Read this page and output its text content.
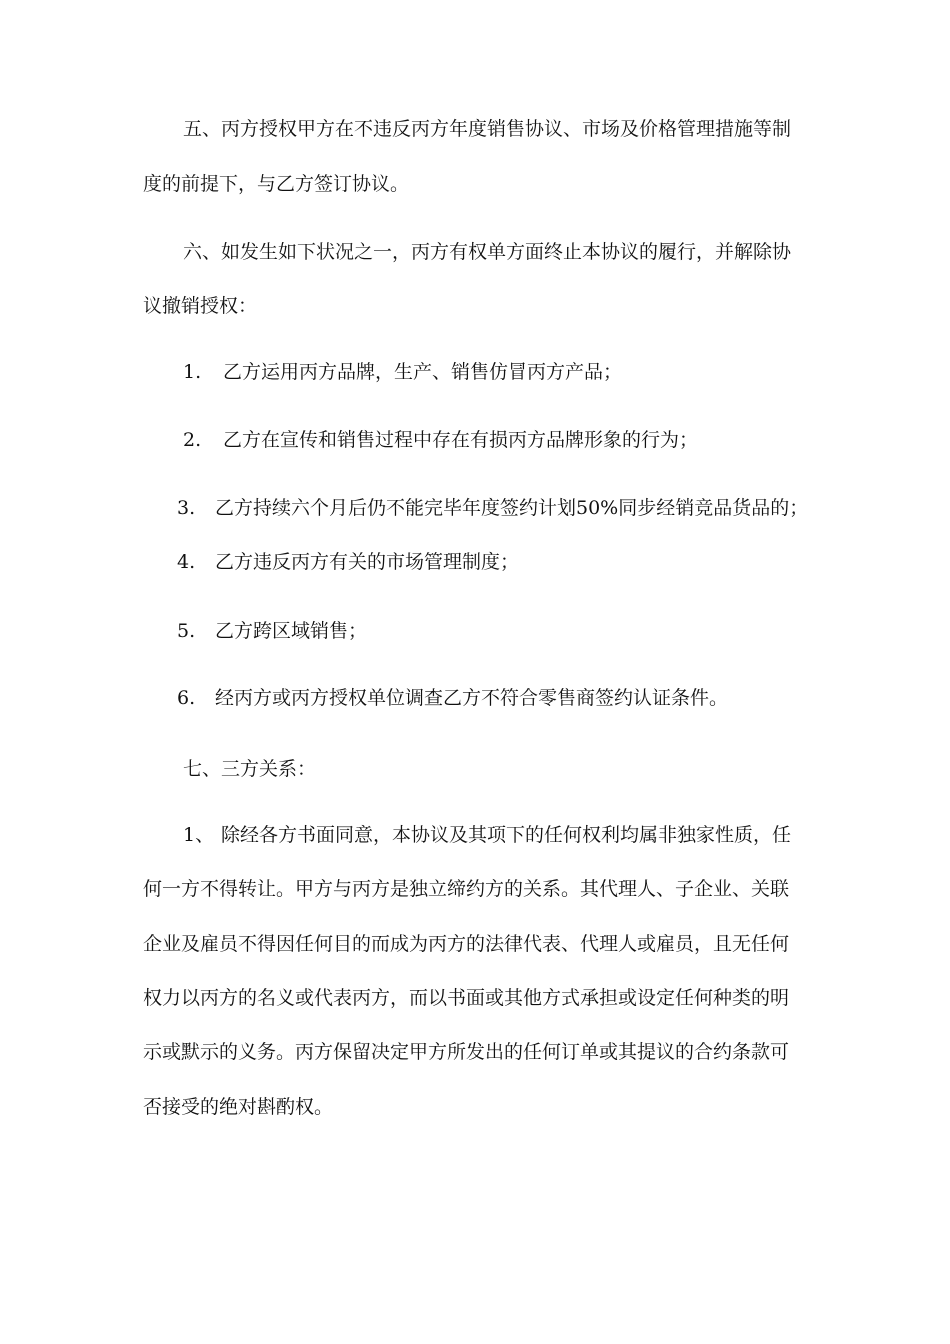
五、丙方授权甲方在不违反丙方年度销售协议、市场及价格管理措施等制
度的前提下，与乙方签订协议。
六、如发生如下状况之一，丙方有权单方面终止本协议的履行，并解除协
议撤销授权：
1. 乙方运用丙方品牌，生产、销售仿冒丙方产品；
2. 乙方在宣传和销售过程中存在有损丙方品牌形象的行为；
3. 乙方持续六个月后仍不能完毕年度签约计划50%同步经销竞品货品的；
4. 乙方违反丙方有关的市场管理制度；
5. 乙方跨区域销售；
6. 经丙方或丙方授权单位调查乙方不符合零售商签约认证条件。
七、三方关系：
1、 除经各方书面同意，本协议及其项下的任何权利均属非独家性质，任
何一方不得转让。甲方与丙方是独立缔约方的关系。其代理人、子企业、关联
企业及雇员不得因任何目的而成为丙方的法律代表、代理人或雇员，且无任何
权力以丙方的名义或代表丙方，而以书面或其他方式承担或设定任何种类的明
示或默示的义务。丙方保留决定甲方所发出的任何订单或其提议的合约条款可
否接受的绝对斟酌权。
